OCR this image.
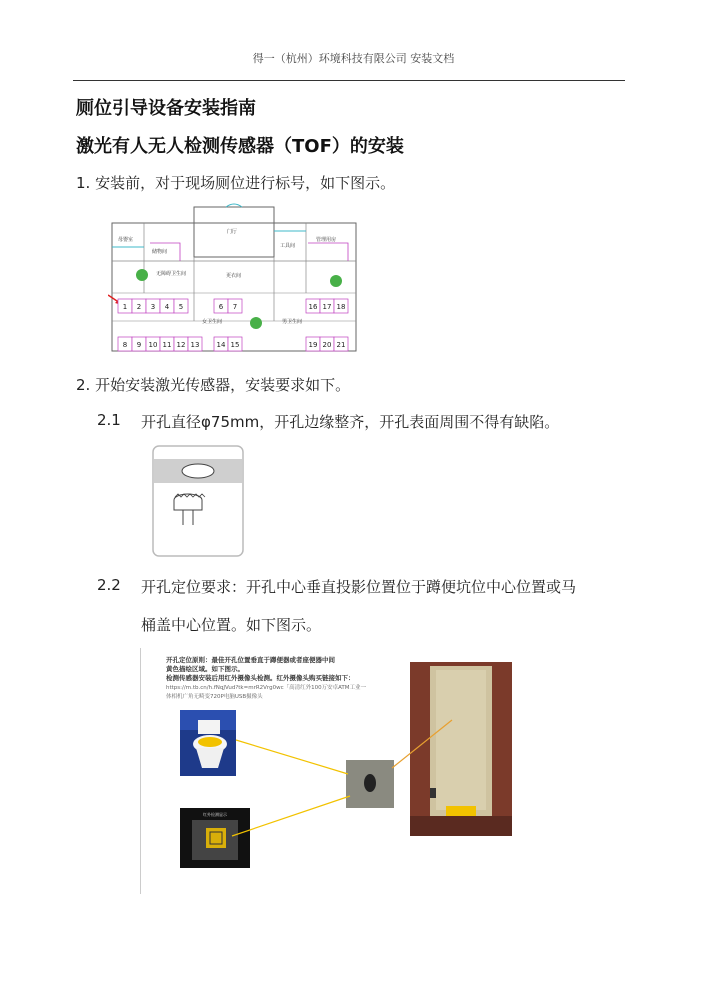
得一（杭州）环境科技有限公司 安装文档
厕位引导设备安装指南
激光有人无人检测传感器（TOF）的安装
1. 安装前，对于现场厕位进行标号，如下图示。
母婴室
储物间
门厅
无障碍卫生间	更衣间
工具间
管理用房
女卫生间	男卫生间
1 2 3 4 5	6 7	16 17 18
8 9 10 11 12 13 14 15	19 20 21
2. 开始安装激光传感器，安装要求如下。
2.1 开孔直径φ75mm，开孔边缘整齐，开孔表面周围不得有缺陷。
2.2 开孔定位要求：开孔中心垂直投影位置位于蹲便坑位中心位置或马
桶盖中心位置。如下图示。
开孔定位原则：最佳开孔位置垂直于蹲便器或者座便器中间
黄色描绘区域。如下图示。
检测传感器安装后用红外摄像头检测。红外摄像头购买链接如下：
https://m.tb.cn/h.fNqJVud?tk=mrR2Vrg0wc「高清红外100万安卓ATM工业一
体相机广角无畸变720P电脑USB摄像头
红外检测显示
